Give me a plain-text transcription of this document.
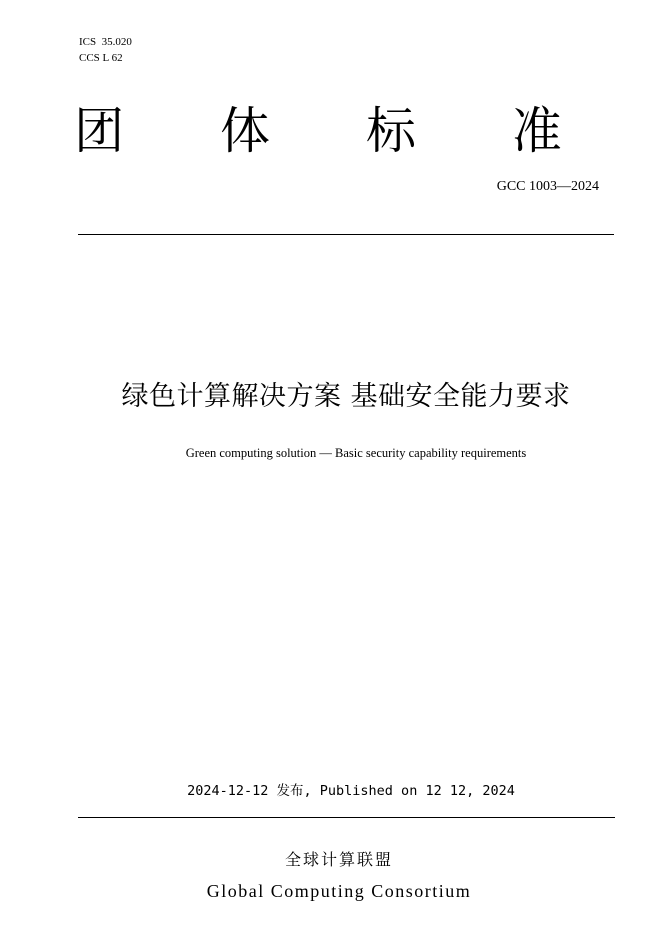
ICS  35.020
CCS L 62
团 体 标 准
GCC 1003—2024
绿色计算解决方案 基础安全能力要求
Green computing solution — Basic security capability requirements
2024-12-12 发布, Published on 12 12, 2024
全球计算联盟
Global Computing Consortium
